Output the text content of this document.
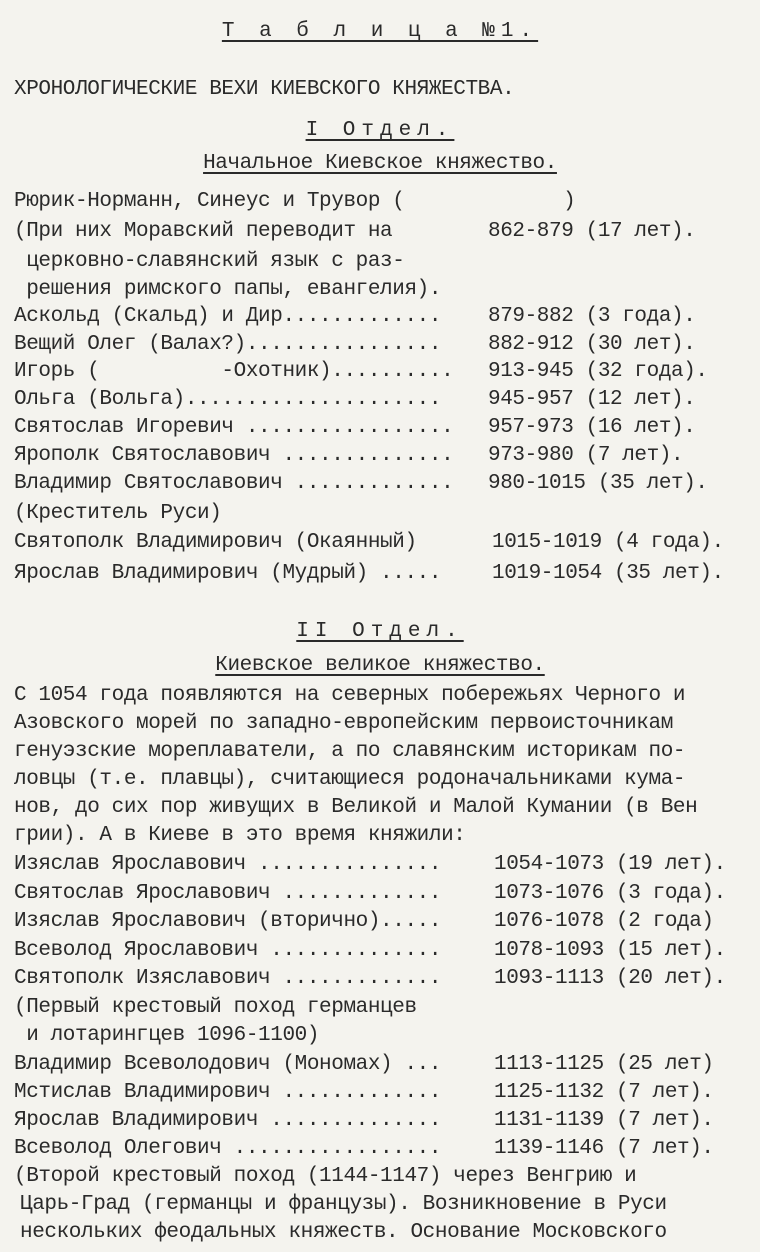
Т а б л и ц а №1.
ХРОНОЛОГИЧЕСКИЕ ВЕХИ КИЕВСКОГО КНЯЖЕСТВА.
I Отдел.
Начальное Киевское княжество.
Рюрик-Норманн, Синеус и Трувор (             )
(При них Моравский переводит на	862-879 (17 лет).
церковно-славянский язык с раз-
решения римского папы, евангелия).
Аскольд (Скальд) и Дир............. 879-882 (3 года).
Вещий Олег (Валах?)................ 882-912 (30 лет).
Игорь (          -Охотник).......... 913-945 (32 года).
Ольга (Вольга)..................... 945-957 (12 лет).
Святослав Игоревич ................. 957-973 (16 лет).
Ярополк Святославович .............. 973-980 (7 лет).
Владимир Святославович ............. 980-1015 (35 лет).
(Креститель Руси)
Святополк Владимирович (Окаянный)	1015-1019 (4 года).
Ярослав Владимирович (Мудрый) ..... 1019-1054 (35 лет).
II Отдел.
Киевское великое княжество.
С 1054 года появляются на северных побережьях Черного и
Азовского морей по западно-европейским первоисточникам
генуэзские мореплаватели, а по славянским историкам по-
ловцы (т.е. плавцы), считающиеся родоначальниками кума-
нов, до сих пор живущих в Великой и Малой Кумании (в Вен
грии). А в Киеве в это время княжили:
Изяслав Ярославович ...............	1054-1073 (19 лет).
Святослав Ярославович .............	1073-1076 (3 года).
Изяслав Ярославович (вторично).....	1076-1078 (2 года)
Всеволод Ярославович ..............	1078-1093 (15 лет).
Святополк Изяславович .............	1093-1113 (20 лет).
(Первый крестовый поход германцев
и лотарингцев 1096-1100)
Владимир Всеволодович (Мономах) ...	1113-1125 (25 лет)
Мстислав Владимирович .............	1125-1132 (7 лет).
Ярослав Владимирович ..............	1131-1139 (7 лет).
Всеволод Олегович .................	1139-1146 (7 лет).
(Второй крестовый поход (1144-1147) через Венгрию и
Царь-Град (германцы и французы). Возникновение в Руси
нескольких феодальных княжеств. Основание Московского
